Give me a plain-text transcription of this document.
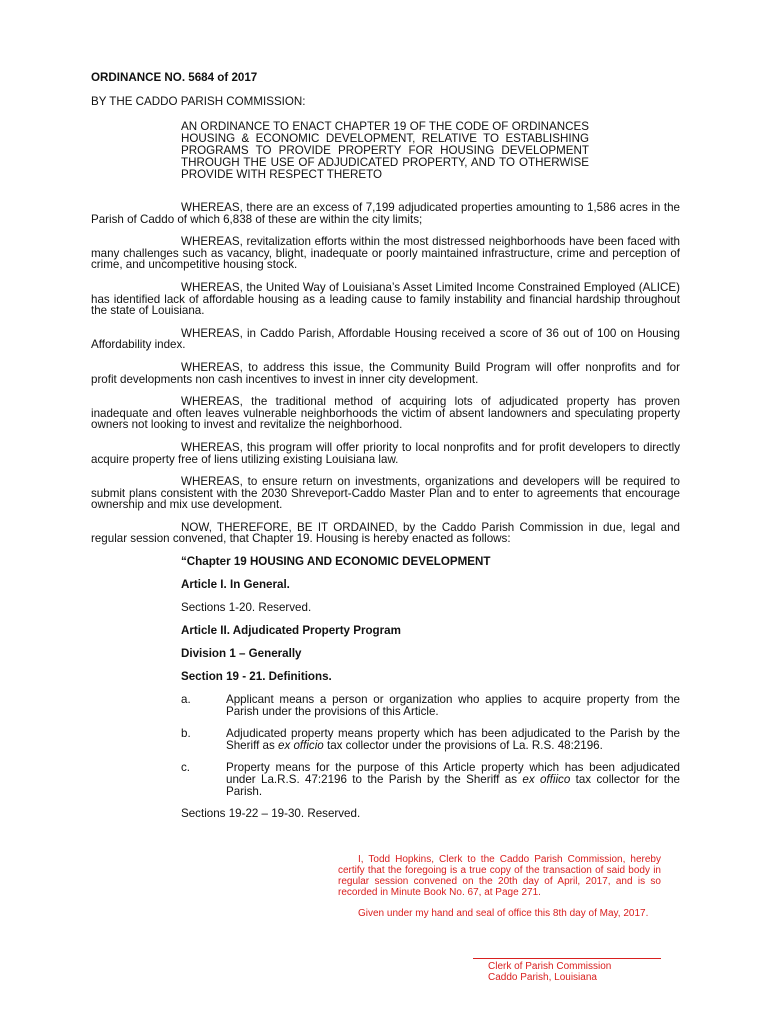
ORDINANCE NO. 5684 of 2017

BY THE CADDO PARISH COMMISSION:

AN ORDINANCE TO ENACT CHAPTER 19 OF THE CODE OF ORDINANCES HOUSING & ECONOMIC DEVELOPMENT, RELATIVE TO ESTABLISHING PROGRAMS TO PROVIDE PROPERTY FOR HOUSING DEVELOPMENT THROUGH THE USE OF ADJUDICATED PROPERTY, AND TO OTHERWISE PROVIDE WITH RESPECT THERETO

WHEREAS, there are an excess of 7,199 adjudicated properties amounting to 1,586 acres in the Parish of Caddo of which 6,838 of these are within the city limits;

WHEREAS, revitalization efforts within the most distressed neighborhoods have been faced with many challenges such as vacancy, blight, inadequate or poorly maintained infrastructure, crime and perception of crime, and uncompetitive housing stock.

WHEREAS, the United Way of Louisiana’s Asset Limited Income Constrained Employed (ALICE) has identified lack of affordable housing as a leading cause to family instability and financial hardship throughout the state of Louisiana.

WHEREAS, in Caddo Parish, Affordable Housing received a score of 36 out of 100 on Housing Affordability index.

WHEREAS, to address this issue, the Community Build Program will offer nonprofits and for profit developments non cash incentives to invest in inner city development.

WHEREAS, the traditional method of acquiring lots of adjudicated property has proven inadequate and often leaves vulnerable neighborhoods the victim of absent landowners and speculating property owners not looking to invest and revitalize the neighborhood.

WHEREAS, this program will offer priority to local nonprofits and for profit developers to directly acquire property free of liens utilizing existing Louisiana law.

WHEREAS, to ensure return on investments, organizations and developers will be required to submit plans consistent with the 2030 Shreveport-Caddo Master Plan and to enter to agreements that encourage ownership and mix use development.

NOW, THEREFORE, BE IT ORDAINED, by the Caddo Parish Commission in due, legal and regular session convened, that Chapter 19. Housing is hereby enacted as follows:

“Chapter 19 HOUSING AND ECONOMIC DEVELOPMENT

Article I. In General.

Sections 1-20. Reserved.

Article II. Adjudicated Property Program

Division 1 – Generally

Section 19 - 21. Definitions.

a.	Applicant means a person or organization who applies to acquire property from the Parish under the provisions of this Article.
b.	Adjudicated property means property which has been adjudicated to the Parish by the Sheriff as ex officio tax collector under the provisions of La. R.S. 48:2196.
c.	Property means for the purpose of this Article property which has been adjudicated under La.R.S. 47:2196 to the Parish by the Sheriff as ex offiico tax collector for the Parish.

Sections 19-22 – 19-30. Reserved.

I, Todd Hopkins, Clerk to the Caddo Parish Commission, hereby certify that the foregoing is a true copy of the transaction of said body in regular session convened on the 20th day of April, 2017, and is so recorded in Minute Book No. 67, at Page 271.

Given under my hand and seal of office this 8th day of May, 2017.

Clerk of Parish Commission
Caddo Parish, Louisiana
